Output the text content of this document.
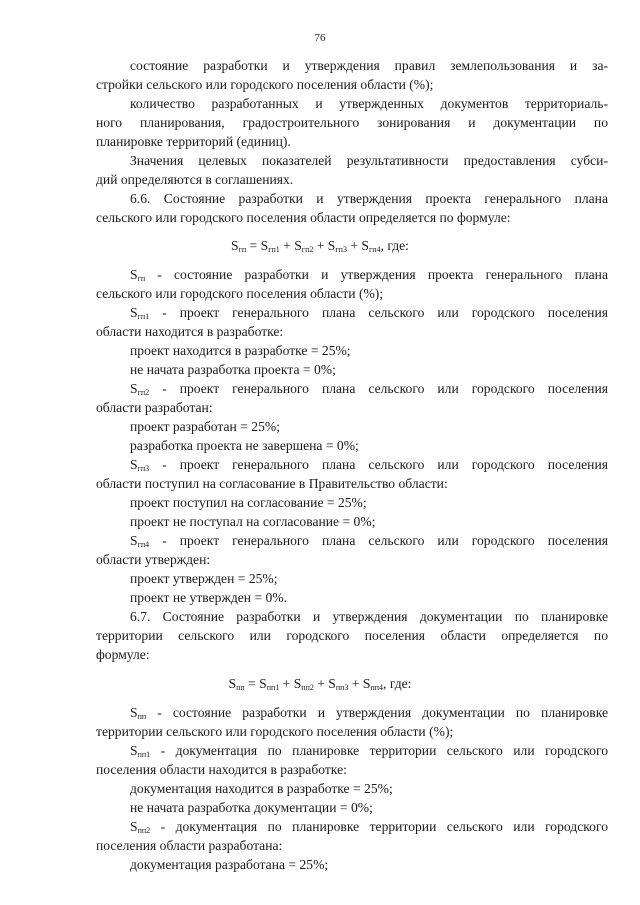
76
состояние разработки и утверждения правил землепользования и за-
стройки сельского или городского поселения области (%);
количество разработанных и утвержденных документов территориаль-
ного планирования, градостроительного зонирования и документации по
планировке территорий (единиц).
Значения целевых показателей результативности предоставления субси-
дий определяются в соглашениях.
6.6. Состояние разработки и утверждения проекта генерального плана
сельского или городского поселения области определяется по формуле:
$S_{гп} = S_{гп1} + S_{гп2} + S_{гп3} + S_{гп4}$, где:
$S_{гп}$ - состояние разработки и утверждения проекта генерального плана
сельского или городского поселения области (%);
$S_{гп1}$ - проект генерального плана сельского или городского поселения
области находится в разработке:
проект находится в разработке = 25%;
не начата разработка проекта = 0%;
$S_{гп2}$ - проект генерального плана сельского или городского поселения
области разработан:
проект разработан = 25%;
разработка проекта не завершена = 0%;
$S_{гп3}$ - проект генерального плана сельского или городского поселения
области поступил на согласование в Правительство области:
проект поступил на согласование = 25%;
проект не поступал на согласование = 0%;
$S_{гп4}$ - проект генерального плана сельского или городского поселения
области утвержден:
проект утвержден = 25%;
проект не утвержден = 0%.
6.7. Состояние разработки и утверждения документации по планировке
территории сельского или городского поселения области определяется по
формуле:
$S_{пп} = S_{пп1} + S_{пп2} + S_{пп3} + S_{пп4}$, где:
$S_{пп}$ - состояние разработки и утверждения документации по планировке
территории сельского или городского поселения области (%);
$S_{пп1}$ - документация по планировке территории сельского или городского
поселения области находится в разработке:
документация находится в разработке = 25%;
не начата разработка документации = 0%;
$S_{пп2}$ - документация по планировке территории сельского или городского
поселения области разработана:
документация разработана = 25%;
